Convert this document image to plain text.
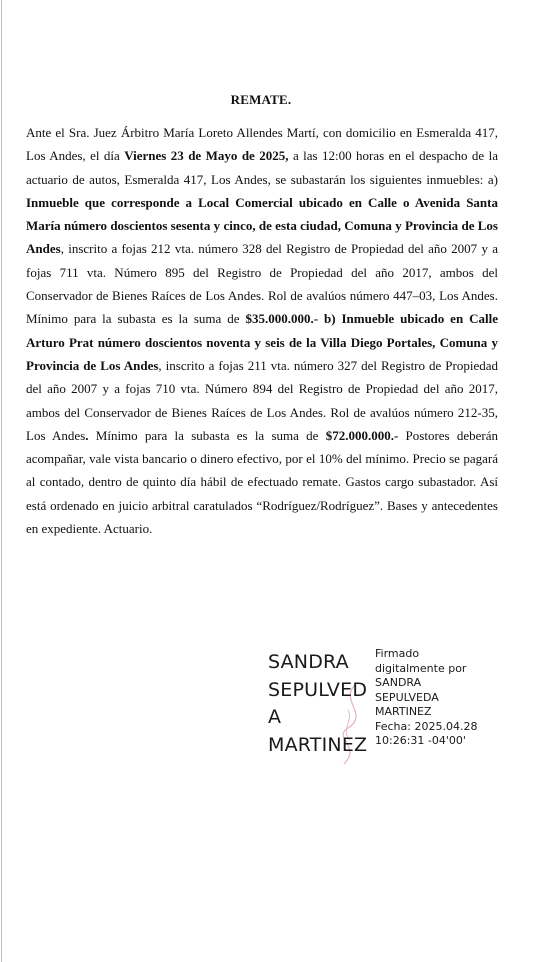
REMATE.
Ante el Sra. Juez Árbitro María Loreto Allendes Martí, con domicilio en Esmeralda 417, Los Andes, el día Viernes 23 de Mayo de 2025, a las 12:00 horas en el despacho de la actuario de autos, Esmeralda 417, Los Andes, se subastarán los siguientes inmuebles: a) Inmueble que corresponde a Local Comercial ubicado en Calle o Avenida Santa María número doscientos sesenta y cinco, de esta ciudad, Comuna y Provincia de Los Andes, inscrito a fojas 212 vta. número 328 del Registro de Propiedad del año 2007 y a fojas 711 vta. Número 895 del Registro de Propiedad del año 2017, ambos del Conservador de Bienes Raíces de Los Andes. Rol de avalúos número 447–03, Los Andes. Mínimo para la subasta es la suma de $35.000.000.- b) Inmueble ubicado en Calle Arturo Prat número doscientos noventa y seis de la Villa Diego Portales, Comuna y Provincia de Los Andes, inscrito a fojas 211 vta. número 327 del Registro de Propiedad del año 2007 y a fojas 710 vta. Número 894 del Registro de Propiedad del año 2017, ambos del Conservador de Bienes Raíces de Los Andes. Rol de avalúos número 212-35, Los Andes. Mínimo para la subasta es la suma de $72.000.000.- Postores deberán acompañar, vale vista bancario o dinero efectivo, por el 10% del mínimo. Precio se pagará al contado, dentro de quinto día hábil de efectuado remate. Gastos cargo subastador. Así está ordenado en juicio arbitral caratulados “Rodríguez/Rodríguez”. Bases y antecedentes en expediente. Actuario.
SANDRA
SEPULVED
A
MARTINEZ
Firmado
digitalmente por
SANDRA
SEPULVEDA
MARTINEZ
Fecha: 2025.04.28
10:26:31 -04'00'
